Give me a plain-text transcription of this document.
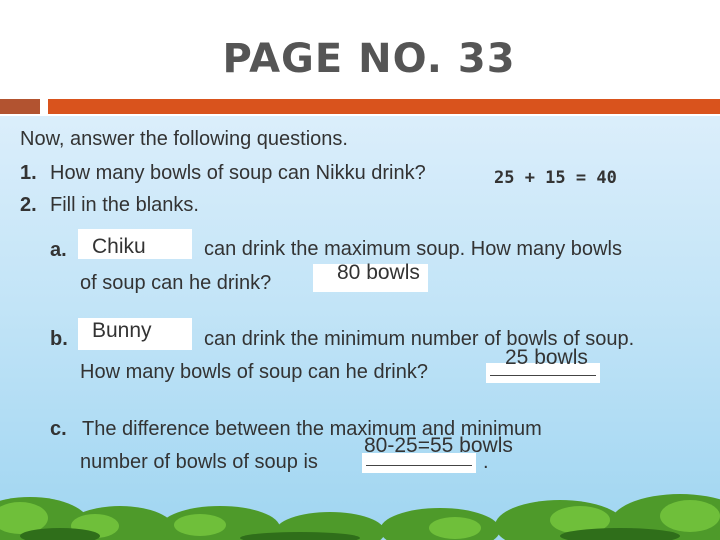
PAGE NO. 33
Now, answer the following questions.
1. How many bowls of soup can Nikku drink?	25 + 15 = 40
2. Fill in the blanks.
a. Chiku	can drink the maximum soup. How many bowls
of soup can he drink?	80 bowls
b. Bunny	can drink the minimum number of bowls of soup.
How many bowls of soup can he drink?
25 bowls
c. The difference between the maximum and minimum
number of bowls of soup is	.
80-25=55 bowls
